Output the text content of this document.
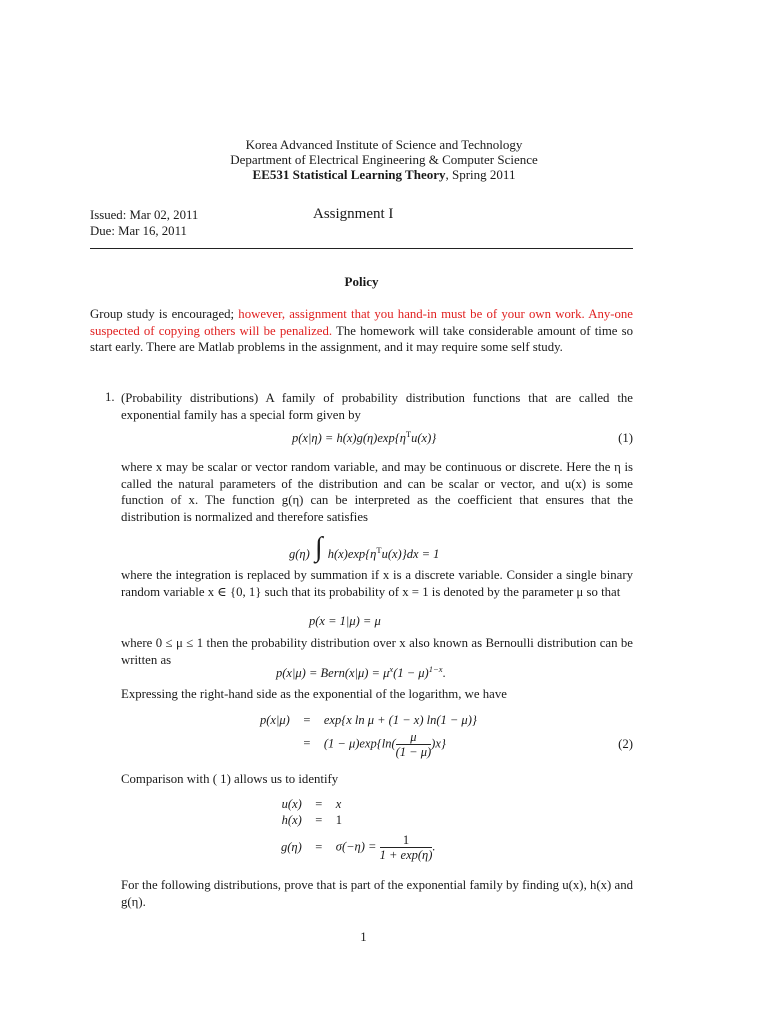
Korea Advanced Institute of Science and Technology
Department of Electrical Engineering & Computer Science
EE531 Statistical Learning Theory, Spring 2011
Issued: Mar 02, 2011
Due: Mar 16, 2011
Assignment I
Policy
Group study is encouraged; however, assignment that you hand-in must be of your own work. Any-one suspected of copying others will be penalized. The homework will take considerable amount of time so start early. There are Matlab problems in the assignment, and it may require some self study.
1. (Probability distributions) A family of probability distribution functions that are called the exponential family has a special form given by
$p(x|\eta) = h(x)g(\eta)\exp\{\eta^Tu(x)\}$	(1)
where x may be scalar or vector random variable, and may be continuous or discrete. Here the η is called the natural parameters of the distribution and can be scalar or vector, and u(x) is some function of x. The function g(η) can be interpreted as the coefficient that ensures that the distribution is normalized and therefore satisfies
g(η) ∫ $h(x)\exp\{\eta^Tu(x)\}dx = 1$
where the integration is replaced by summation if x is a discrete variable. Consider a single binary random variable x ∈ {0, 1} such that its probability of x = 1 is denoted by the parameter μ so that
p(x = 1|μ) = μ
where 0 ≤ μ ≤ 1 then the probability distribution over x also known as Bernoulli distribution can be written as
p(x|μ) = Bern(x|μ) = $\mu^x(1 - \mu)^{1-x}$.
Expressing the right-hand side as the exponential of the logarithm, we have
p(x|μ)	=	exp{x ln μ + (1 − x) ln(1 − μ)}
	=	$(1 - \mu)\exp\{\ln( \frac{\mu}{(1 - \mu)} )x\}$	(2)
Comparison with ( 1) allows us to identify
u(x)	=	x
h(x)	=	1
g(η)	=	$\sigma(-\eta) = \frac{1}{1 + \exp(\eta)}$ .
For the following distributions, prove that is part of the exponential family by finding u(x), h(x) and g(η).
1
